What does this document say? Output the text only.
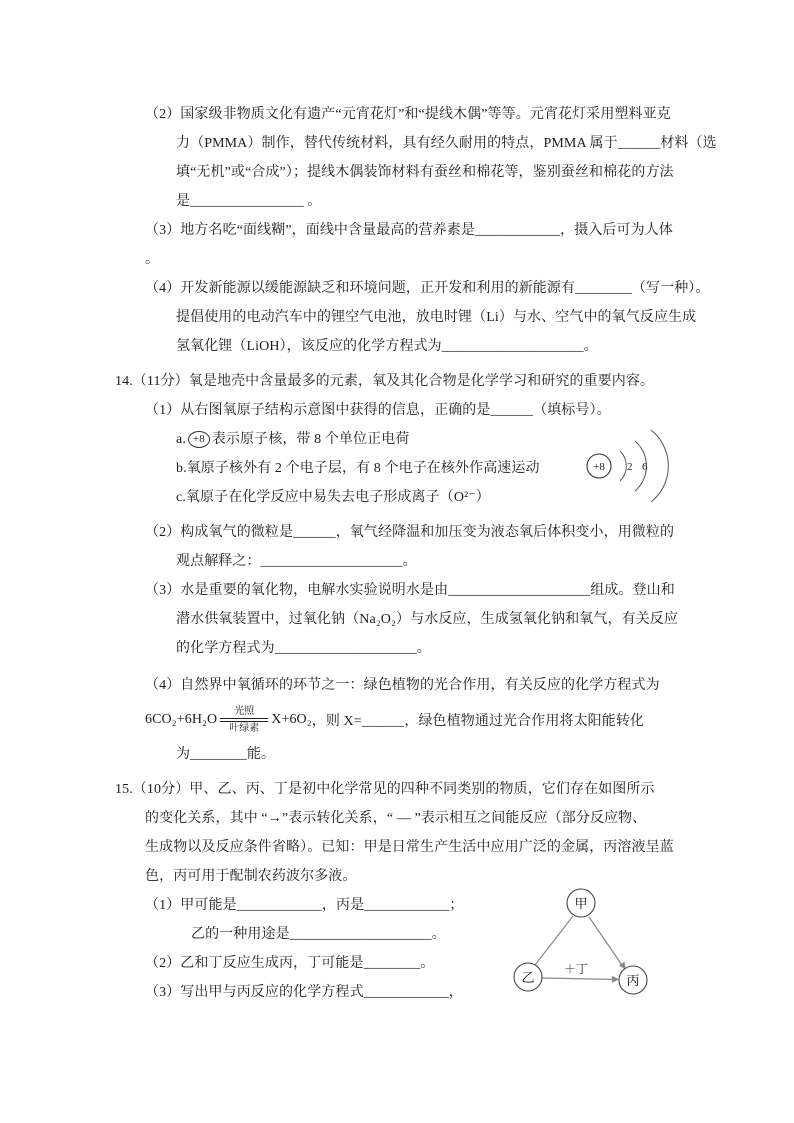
（2）国家级非物质文化有遗产“元宵花灯”和“提线木偶”等等。元宵花灯采用塑料亚克
力（PMMA）制作，替代传统材料，具有经久耐用的特点，PMMA 属于______材料（选
填“无机”或“合成”）；提线木偶装饰材料有蚕丝和棉花等，鉴别蚕丝和棉花的方法
是________________ 。
（3）地方名吃“面线糊”，面线中含量最高的营养素是____________，摄入后可为人体
。
（4）开发新能源以缓能源缺乏和环境问题，正开发和利用的新能源有________（写一种）。
提倡使用的电动汽车中的锂空气电池，放电时锂（Li）与水、空气中的氧气反应生成
氢氧化锂（LiOH），该反应的化学方程式为____________________。
14.（11分）氧是地壳中含量最多的元素，氧及其化合物是化学学习和研究的重要内容。
（1）从右图氧原子结构示意图中获得的信息，正确的是______（填标号）。
a. +8 表示原子核，带 8 个单位正电荷
b.氧原子核外有 2 个电子层，有 8 个电子在核外作高速运动
c.氧原子在化学反应中易失去电子形成离子（O²⁻）
（2）构成氧气的微粒是______，氧气经降温和加压变为液态氧后体积变小，用微粒的
观点解释之：____________________。
（3）水是重要的氧化物，电解水实验说明水是由____________________组成。登山和
潜水供氧装置中，过氧化钠（Na₂O₂）与水反应，生成氢氧化钠和氧气，有关反应
的化学方程式为____________________。
（4）自然界中氧循环的环节之一：绿色植物的光合作用，有关反应的化学方程式为
6CO₂+6H₂O
光照
叶绿素
X+6O₂ ，则 X=______，绿色植物通过光合作用将太阳能转化
为________能。
15.（10分）甲、乙、丙、丁是初中化学常见的四种不同类别的物质，它们存在如图所示
的变化关系，其中 “→”表示转化关系，“ — ”表示相互之间能反应（部分反应物、
生成物以及反应条件省略）。已知：甲是日常生产生活中应用广泛的金属，丙溶液呈蓝
色，丙可用于配制农药波尔多液。
（1）甲可能是____________，丙是____________；
乙的一种用途是____________________。
（2）乙和丁反应生成丙，丁可能是________。
（3）写出甲与丙反应的化学方程式____________，
+8 2 6
＋丁
甲
乙	丙
